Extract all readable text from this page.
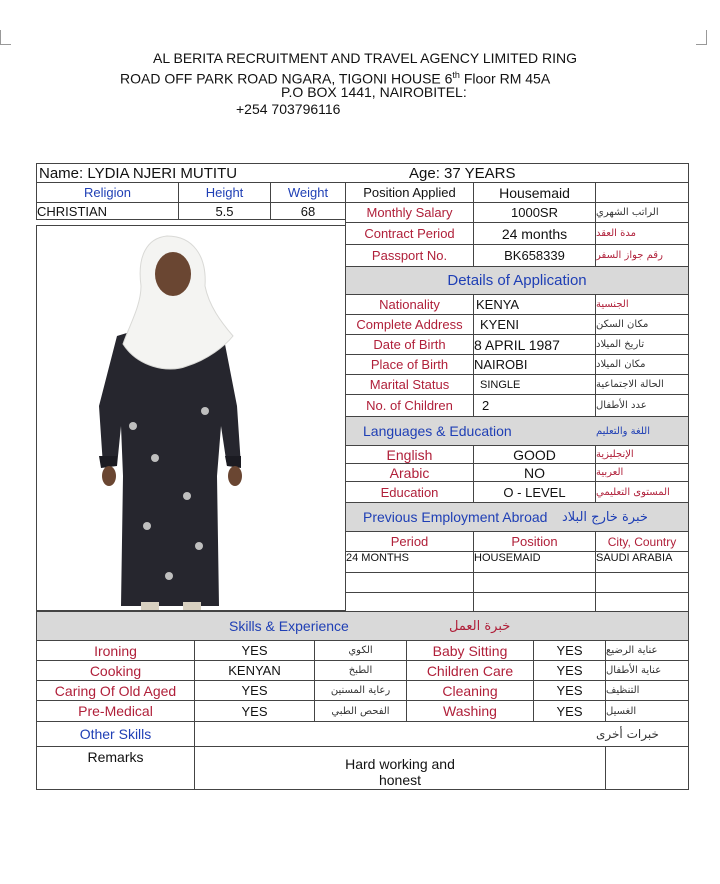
AL BERITA RECRUITMENT AND TRAVEL AGENCY LIMITED RING
ROAD OFF PARK ROAD NGARA, TIGONI HOUSE 6th Floor RM 45A
P.O BOX 1441, NAIROBITEL:
+254 703796116
Name: LYDIA NJERI MUTITU	Age: 37 YEARS
Religion	Height	Weight	Position Applied	Housemaid
CHRISTIAN	5.5	68	Monthly Salary	1000SR	الراتب الشهري
Contract Period	24 months	مدة العقد
Passport No.	BK658339	رقم جواز السفر
Details of Application
Nationality	KENYA	الجنسية
Complete Address	KYENI	مكان السكن
Date of Birth	8 APRIL 1987	تاريخ الميلاد
Place of Birth	NAIROBI	مكان الميلاد
Marital Status	SINGLE	الحالة الاجتماعية
No. of Children	2	عدد الأطفال
Languages & Education	اللغة والتعليم
English	GOOD	الإنجليزية
Arabic	NO	العربية
Education	O - LEVEL	المستوى التعليمي
Previous Employment Abroad خبرة خارج البلاد
Period	Position	City, Country
24 MONTHS	HOUSEMAID	SAUDI ARABIA
Skills & Experience	خبرة العمل
Ironing	YES	الكوي	Baby Sitting	YES	عناية الرضيع
Cooking	KENYAN	الطبخ	Children Care	YES	عناية الأطفال
Caring Of Old Aged	YES	رعاية المسنين	Cleaning	YES	التنظيف
Pre-Medical	YES	الفحص الطبي	Washing	YES	الغسيل
Other Skills	خبرات أخرى
Remarks	Hard working and
honest
